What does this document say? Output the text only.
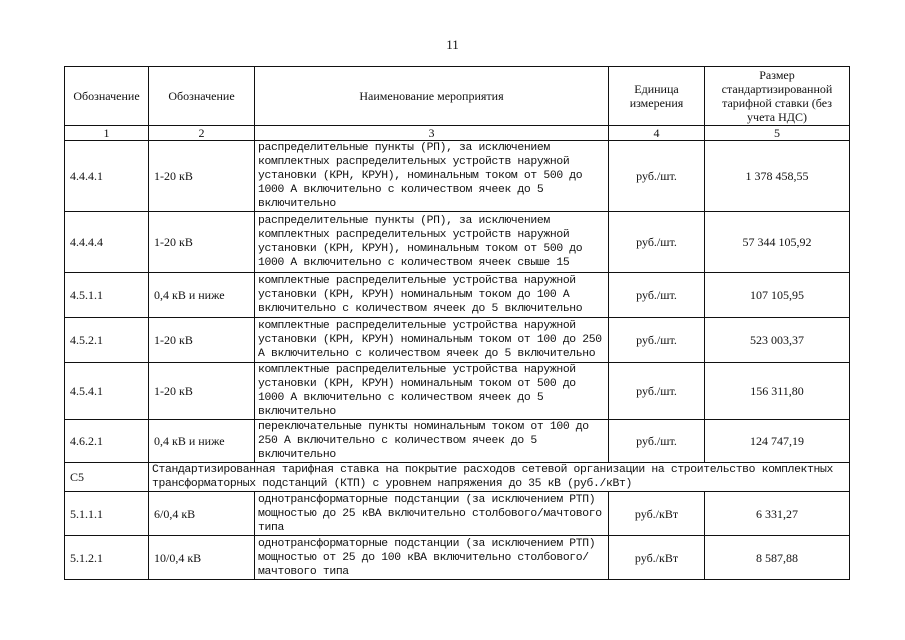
11
Обозначение	Обозначение	Наименование мероприятия	Единица измерения	Размер стандартизированной тарифной ставки (без учета НДС)
1	2	3	4	5
4.4.4.1	1-20 кВ	распределительные пункты (РП), за исключением комплектных распределительных устройств наружной установки (КРН, КРУН), номинальным током от 500 до 1000 А включительно с количеством ячеек до 5 включительно	руб./шт.	1 378 458,55
4.4.4.4	1-20 кВ	распределительные пункты (РП), за исключением комплектных распределительных устройств наружной установки (КРН, КРУН), номинальным током от 500 до 1000 А включительно с количеством ячеек свыше 15	руб./шт.	57 344 105,92
4.5.1.1	0,4 кВ и ниже	комплектные распределительные устройства наружной установки (КРН, КРУН) номинальным током до 100 А включительно с количеством ячеек до 5 включительно	руб./шт.	107 105,95
4.5.2.1	1-20 кВ	комплектные распределительные устройства наружной установки (КРН, КРУН) номинальным током от 100 до 250 А включительно с количеством ячеек до 5 включительно	руб./шт.	523 003,37
4.5.4.1	1-20 кВ	комплектные распределительные устройства наружной установки (КРН, КРУН) номинальным током от 500 до 1000 А включительно с количеством ячеек до 5 включительно	руб./шт.	156 311,80
4.6.2.1	0,4 кВ и ниже	переключательные пункты номинальным током от 100 до 250 А включительно с количеством ячеек до 5 включительно	руб./шт.	124 747,19
C5	Стандартизированная тарифная ставка на покрытие расходов сетевой организации на строительство комплектных трансформаторных подстанций (КТП) с уровнем напряжения до 35 кВ (руб./кВт)			
5.1.1.1	6/0,4 кВ	однотрансформаторные подстанции (за исключением РТП) мощностью до 25 кВА включительно столбового/мачтового типа	руб./кВт	6 331,27
5.1.2.1	10/0,4 кВ	однотрансформаторные подстанции (за исключением РТП) мощностью от 25 до 100 кВА включительно столбового/мачтового типа	руб./кВт	8 587,88
